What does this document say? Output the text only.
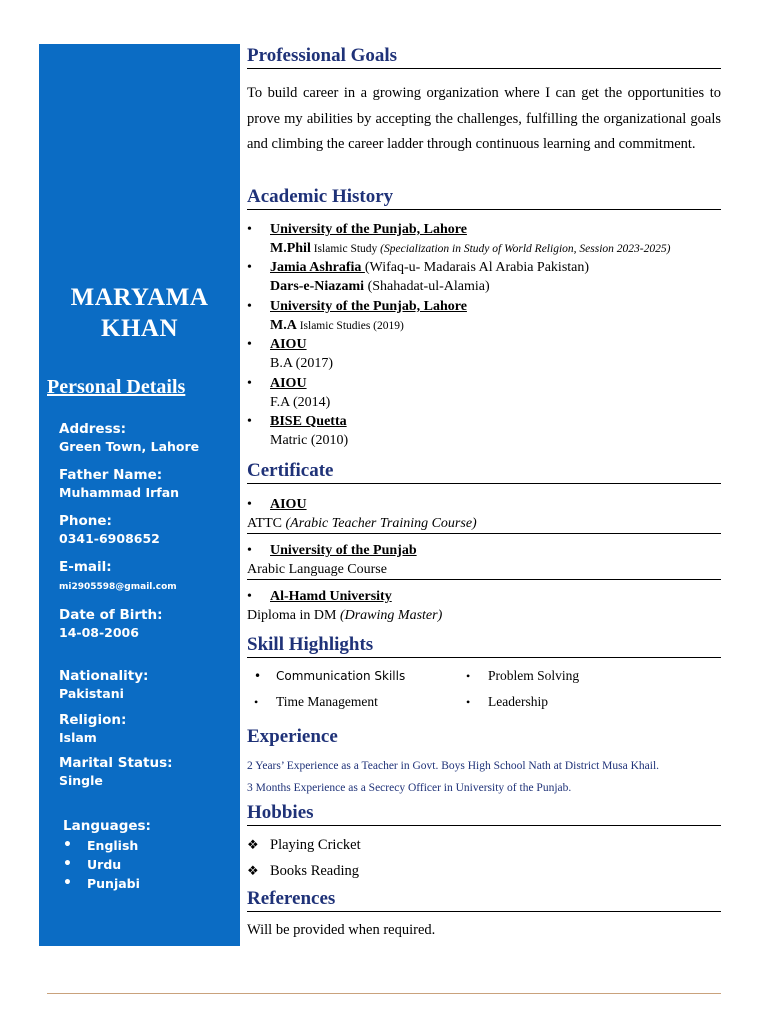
MARYAMA
KHAN
Personal Details
Address:
Green Town, Lahore
Father Name:
Muhammad Irfan
Phone:
0341-6908652
E-mail:
mi2905598@gmail.com
Date of Birth:
14-08-2006
Nationality:
Pakistani
Religion:
Islam
Marital Status:
Single
Languages:
• English
• Urdu
• Punjabi
Professional Goals
To build career in a growing organization where I can get the opportunities to prove my abilities by accepting the challenges, fulfilling the organizational goals and climbing the career ladder through continuous learning and commitment.
Academic History
•	University of the Punjab, Lahore
M.Phil Islamic Study (Specialization in Study of World Religion, Session 2023-2025)
•	Jamia Ashrafia (Wifaq-u- Madarais Al Arabia Pakistan)
Dars-e-Niazami (Shahadat-ul-Alamia)
•	University of the Punjab, Lahore
M.A Islamic Studies (2019)
•	AIOU
B.A (2017)
•	AIOU
F.A (2014)
•	BISE Quetta
Matric (2010)
Certificate
• AIOU
ATTC (Arabic Teacher Training Course)
• University of the Punjab
Arabic Language Course
• Al-Hamd University
Diploma in DM (Drawing Master)
Skill Highlights
• Communication Skills	• Problem Solving
• Time Management	• Leadership
Experience
2 Years’ Experience as a Teacher in Govt. Boys High School Nath at District Musa Khail.
3 Months Experience as a Secrecy Officer in University of the Punjab.
Hobbies
❖ Playing Cricket
❖ Books Reading
References
Will be provided when required.
